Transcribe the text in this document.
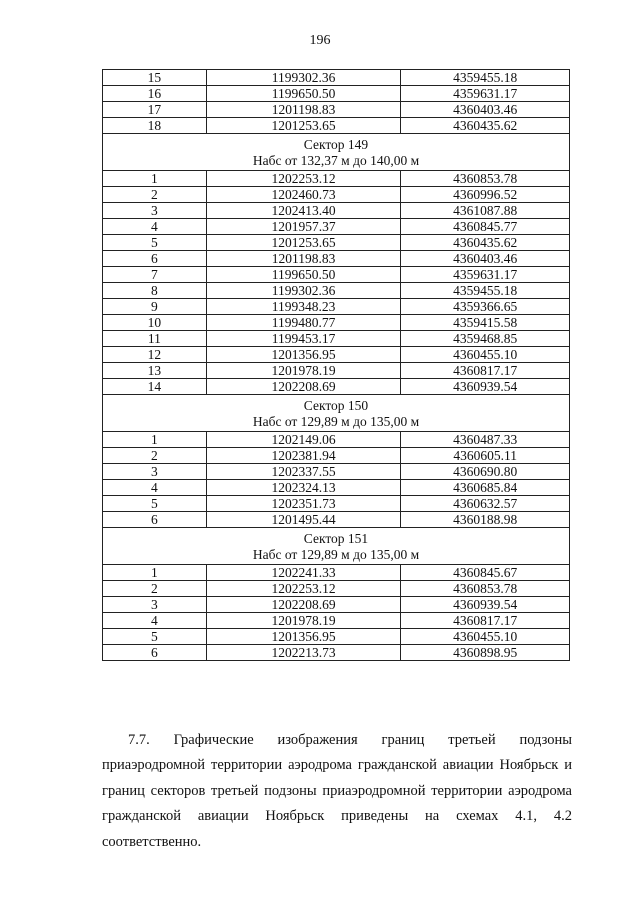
196
15	1199302.36	4359455.18
16	1199650.50	4359631.17
17	1201198.83	4360403.46
18	1201253.65	4360435.62

Сектор 149
Набс от 132,37 м до 140,00 м		

1	1202253.12	4360853.78
2	1202460.73	4360996.52
3	1202413.40	4361087.88
4	1201957.37	4360845.77
5	1201253.65	4360435.62
6	1201198.83	4360403.46
7	1199650.50	4359631.17
8	1199302.36	4359455.18
9	1199348.23	4359366.65
10	1199480.77	4359415.58
11	1199453.17	4359468.85
12	1201356.95	4360455.10
13	1201978.19	4360817.17
14	1202208.69	4360939.54

Сектор 150
Набс от 129,89 м до 135,00 м		

1	1202149.06	4360487.33
2	1202381.94	4360605.11
3	1202337.55	4360690.80
4	1202324.13	4360685.84
5	1202351.73	4360632.57
6	1201495.44	4360188.98

Сектор 151
Набс от 129,89 м до 135,00 м		

1	1202241.33	4360845.67
2	1202253.12	4360853.78
3	1202208.69	4360939.54
4	1201978.19	4360817.17
5	1201356.95	4360455.10
6	1202213.73	4360898.95

7.7. Графические изображения границ третьей подзоны приаэродромной территории аэродрома гражданской авиации Ноябрьск и границ секторов третьей подзоны приаэродромной территории аэродрома гражданской авиации Ноябрьск приведены на схемах 4.1, 4.2 соответственно.
